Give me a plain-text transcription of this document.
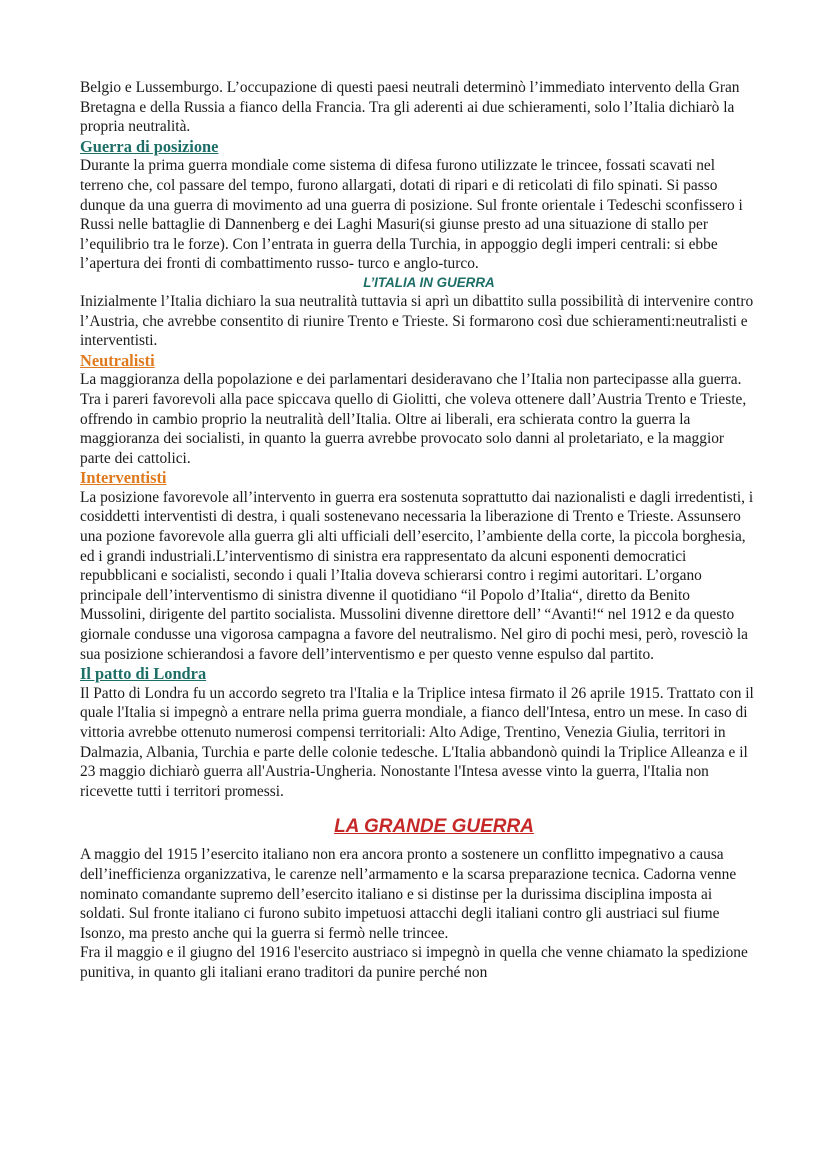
Belgio e Lussemburgo. L’occupazione di questi paesi neutrali determinò l’immediato intervento della Gran Bretagna e della Russia a fianco della Francia. Tra gli aderenti ai due schieramenti, solo l’Italia dichiarò la propria neutralità.

Guerra di posizione

Durante la prima guerra mondiale come sistema di difesa furono utilizzate le trincee, fossati scavati nel terreno che, col passare del tempo, furono allargati, dotati di ripari e di reticolati di filo spinati. Si passo dunque da una guerra di movimento ad una guerra di posizione. Sul fronte orientale i Tedeschi sconfissero i Russi nelle battaglie di Dannenberg e dei Laghi Masuri(si giunse presto ad una situazione di stallo per l’equilibrio tra le forze). Con l’entrata in guerra della Turchia, in appoggio degli imperi centrali: si ebbe l’apertura dei fronti di combattimento russo- turco e anglo-turco.

L’ITALIA IN GUERRA

Inizialmente l’Italia dichiaro la sua neutralità tuttavia si aprì un dibattito sulla possibilità di intervenire contro l’Austria, che avrebbe consentito di riunire Trento e Trieste. Si formarono così due schieramenti:neutralisti e interventisti.

Neutralisti

La maggioranza della popolazione e dei parlamentari desideravano che l’Italia non partecipasse alla guerra. Tra i pareri favorevoli alla pace spiccava quello di Giolitti, che voleva ottenere dall’Austria Trento e Trieste, offrendo in cambio proprio la neutralità dell’Italia. Oltre ai liberali, era schierata contro la guerra la maggioranza dei socialisti, in quanto la guerra avrebbe provocato solo danni al proletariato, e la maggior parte dei cattolici.

Interventisti

La posizione favorevole all’intervento in guerra era sostenuta soprattutto dai nazionalisti e dagli irredentisti, i cosiddetti interventisti di destra, i quali sostenevano necessaria la liberazione di Trento e Trieste. Assunsero una pozione favorevole alla guerra gli alti ufficiali dell’esercito, l’ambiente della corte, la piccola borghesia, ed i grandi industriali.L’interventismo di sinistra era rappresentato da alcuni esponenti democratici repubblicani e socialisti, secondo i quali l’Italia doveva schierarsi contro i regimi autoritari. L’organo principale dell’interventismo di sinistra divenne il quotidiano “il Popolo d’Italia“, diretto da Benito Mussolini, dirigente del partito socialista. Mussolini divenne direttore dell’ “Avanti!“ nel 1912 e da questo giornale condusse una vigorosa campagna a favore del neutralismo. Nel giro di pochi mesi, però, rovesciò la sua posizione schierandosi a favore dell’interventismo e per questo venne espulso dal partito.

Il patto di Londra

Il Patto di Londra fu un accordo segreto tra l'Italia e la Triplice intesa firmato il 26 aprile 1915. Trattato con il quale l'Italia si impegnò a entrare nella prima guerra mondiale, a fianco dell'Intesa, entro un mese. In caso di vittoria avrebbe ottenuto numerosi compensi territoriali: Alto Adige, Trentino, Venezia Giulia, territori in Dalmazia, Albania, Turchia e parte delle colonie tedesche. L'Italia abbandonò quindi la Triplice Alleanza e il 23 maggio dichiarò guerra all'Austria-Ungheria. Nonostante l'Intesa avesse vinto la guerra, l'Italia non ricevette tutti i territori promessi.

LA GRANDE GUERRA

A maggio del 1915 l’esercito italiano non era ancora pronto a sostenere un conflitto impegnativo a causa dell’inefficienza organizzativa, le carenze nell’armamento e la scarsa preparazione tecnica. Cadorna venne nominato comandante supremo dell’esercito italiano e si distinse per la durissima disciplina imposta ai soldati. Sul fronte italiano ci furono subito impetuosi attacchi degli italiani contro gli austriaci sul fiume Isonzo, ma presto anche qui la guerra si fermò nelle trincee.

Fra il maggio e il giugno del 1916 l'esercito austriaco si impegnò in quella che venne chiamato la spedizione punitiva, in quanto gli italiani erano traditori da punire perché non
